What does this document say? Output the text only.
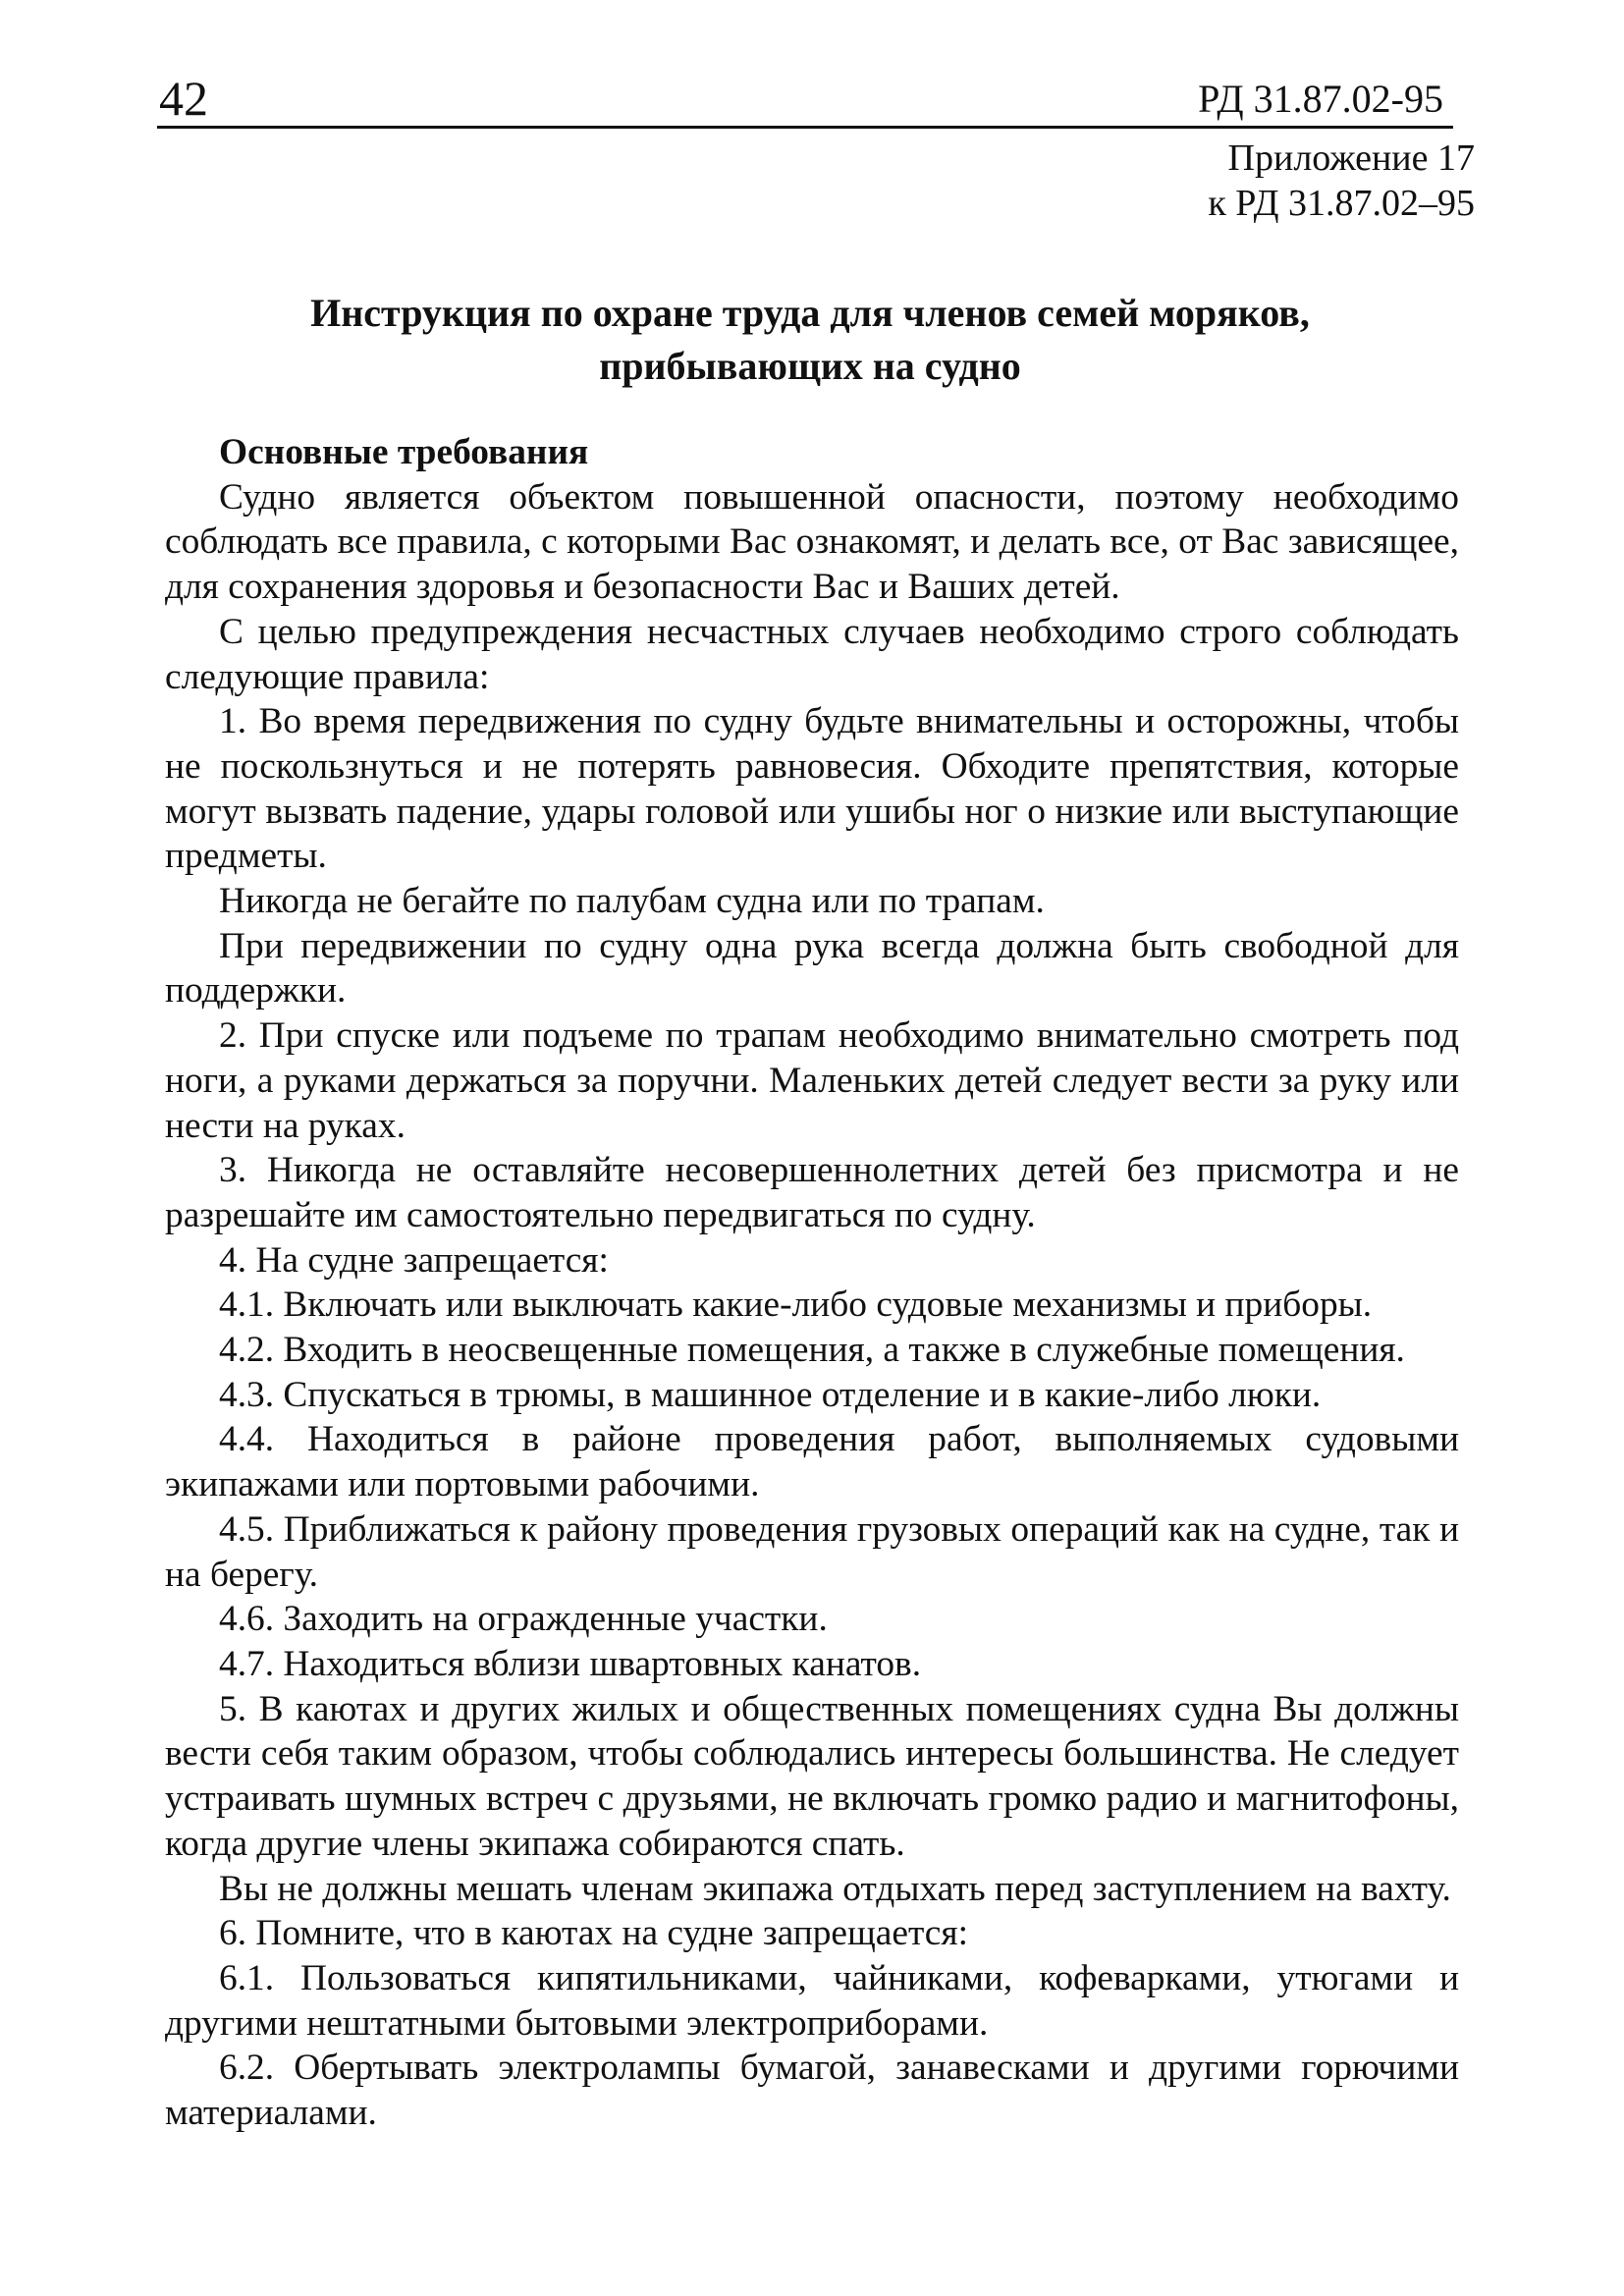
42	РД 31.87.02-95
Приложение 17
к РД 31.87.02–95
Инструкция по охране труда для членов семей моряков,
прибывающих на судно

Основные требования

Судно является объектом повышенной опасности, поэтому необходимо соблюдать все правила, с которыми Вас ознакомят, и делать все, от Вас зависящее, для сохранения здоровья и безопасности Вас и Ваших детей.

С целью предупреждения несчастных случаев необходимо строго соблюдать следующие правила:

1. Во время передвижения по судну будьте внимательны и осторожны, чтобы не поскользнуться и не потерять равновесия. Обходите препятствия, которые могут вызвать падение, удары головой или ушибы ног о низкие или выступающие предметы.

Никогда не бегайте по палубам судна или по трапам.

При передвижении по судну одна рука всегда должна быть свободной для поддержки.

2. При спуске или подъеме по трапам необходимо внимательно смотреть под ноги, а руками держаться за поручни. Маленьких детей следует вести за руку или нести на руках.

3. Никогда не оставляйте несовершеннолетних детей без присмотра и не разрешайте им самостоятельно передвигаться по судну.

4. На судне запрещается:

4.1. Включать или выключать какие-либо судовые механизмы и приборы.

4.2. Входить в неосвещенные помещения, а также в служебные помещения.

4.3. Спускаться в трюмы, в машинное отделение и в какие-либо люки.

4.4. Находиться в районе проведения работ, выполняемых судовыми экипажами или портовыми рабочими.

4.5. Приближаться к району проведения грузовых операций как на судне, так и на берегу.

4.6. Заходить на огражденные участки.

4.7. Находиться вблизи швартовных канатов.

5. В каютах и других жилых и общественных помещениях судна Вы должны вести себя таким образом, чтобы соблюдались интересы большинства. Не следует устраивать шумных встреч с друзьями, не включать громко радио и магнитофоны, когда другие члены экипажа собираются спать.

Вы не должны мешать членам экипажа отдыхать перед заступлением на вахту.

6. Помните, что в каютах на судне запрещается:

6.1. Пользоваться кипятильниками, чайниками, кофеварками, утюгами и другими нештатными бытовыми электроприборами.

6.2. Обертывать электролампы бумагой, занавесками и другими горючими материалами.
